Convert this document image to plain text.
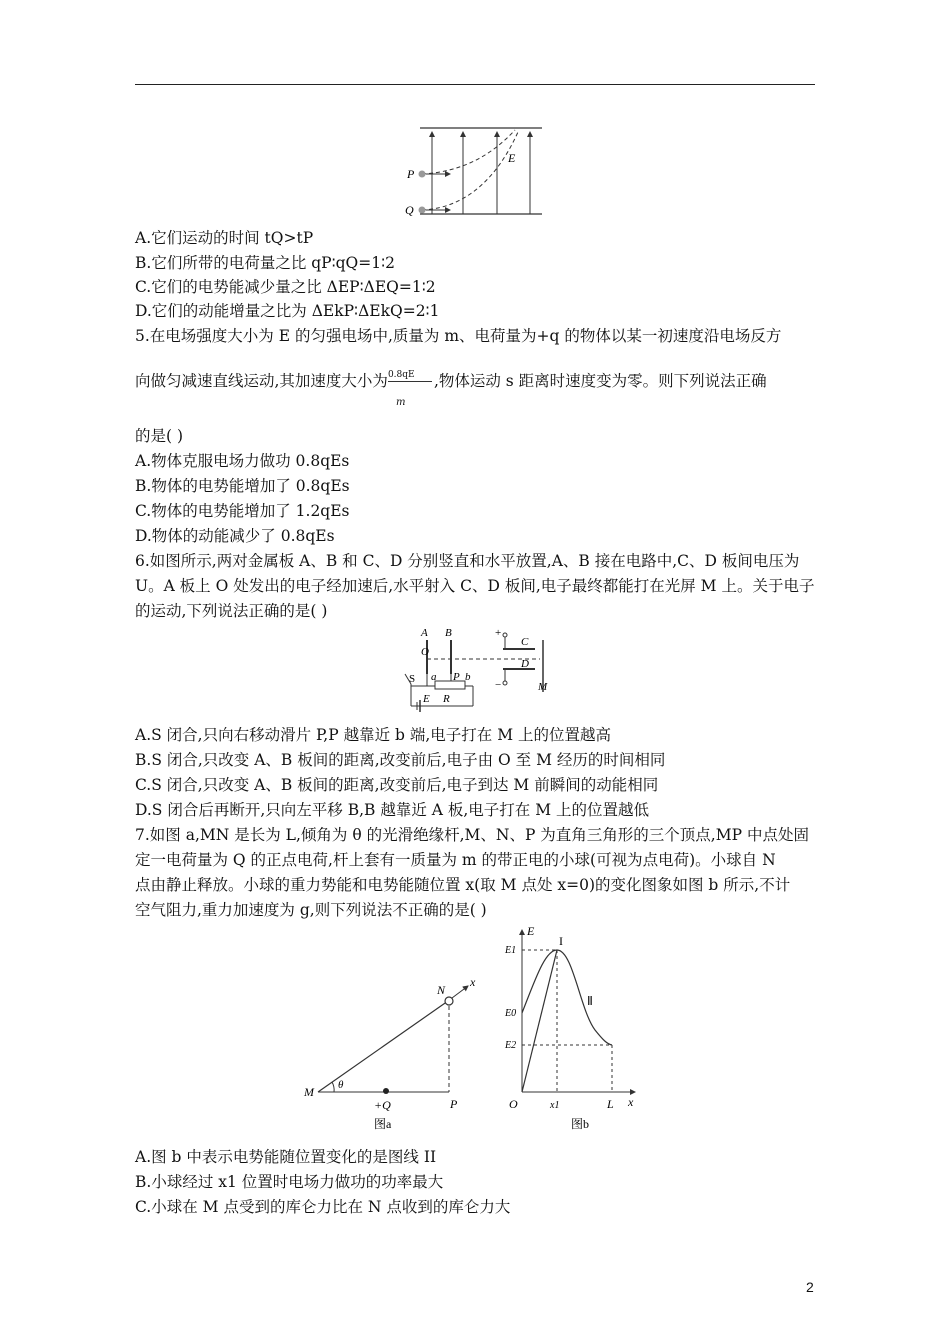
P
Q
E
A.它们运动的时间 tQ>tP
B.它们所带的电荷量之比 qP∶qQ=1∶2
C.它们的电势能减少量之比 ΔEP∶ΔEQ=1∶2
D.它们的动能增量之比为 ΔEkP∶ΔEkQ=2∶1
5.在电场强度大小为 E 的匀强电场中,质量为 m、电荷量为+q 的物体以某一初速度沿电场反方
向做匀减速直线运动,其加速度大小为 $\frac{0.8qE}{m}$ ,物体运动 s 距离时速度变为零。则下列说法正确
的是( )
A.物体克服电场力做功 0.8qEs
B.物体的电势能增加了 0.8qEs
C.物体的电势能增加了 1.2qEs
D.物体的动能减少了 0.8qEs
6.如图所示,两对金属板 A、B 和 C、D 分别竖直和水平放置,A、B 接在电路中,C、D 板间电压为
U。A 板上 O 处发出的电子经加速后,水平射入 C、D 板间,电子最终都能打在光屏 M 上。关于电子
的运动,下列说法正确的是( )
A B
O
C
D
+
−	M
S a P b
E R
A.S 闭合,只向右移动滑片 P,P 越靠近 b 端,电子打在 M 上的位置越高
B.S 闭合,只改变 A、B 板间的距离,改变前后,电子由 O 至 M 经历的时间相同
C.S 闭合,只改变 A、B 板间的距离,改变前后,电子到达 M 前瞬间的动能相同
D.S 闭合后再断开,只向左平移 B,B 越靠近 A 板,电子打在 M 上的位置越低
7.如图 a,MN 是长为 L,倾角为 θ 的光滑绝缘杆,M、N、P 为直角三角形的三个顶点,MP 中点处固
定一电荷量为 Q 的正点电荷,杆上套有一质量为 m 的带正电的小球(可视为点电荷)。小球自 N
点由静止释放。小球的重力势能和电势能随位置 x(取 M 点处 x=0)的变化图象如图 b 所示,不计
空气阻力,重力加速度为 g,则下列说法不正确的是( )
M
N
x
P
θ
+Q
图a
E
x
O
E1
E0
E2
x1	L
I
Ⅱ
图b
A.图 b 中表示电势能随位置变化的是图线 II
B.小球经过 x1 位置时电场力做功的功率最大
C.小球在 M 点受到的库仑力比在 N 点收到的库仑力大
2
